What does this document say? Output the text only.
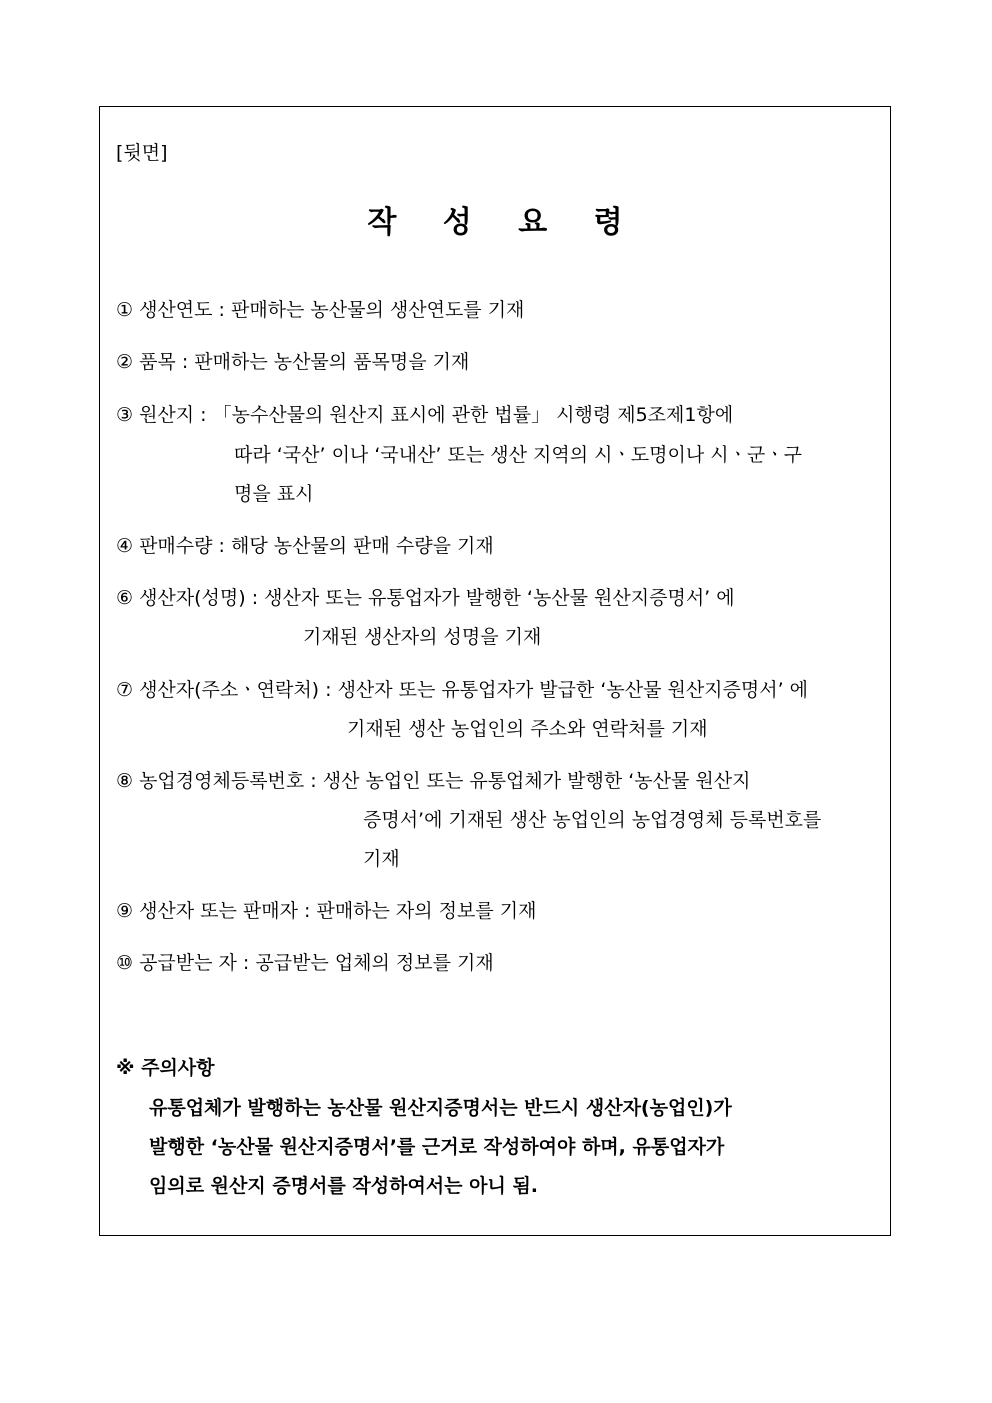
[뒷면]
작 성 요 령
① 생산연도 : 판매하는 농산물의 생산연도를 기재
② 품목 : 판매하는 농산물의 품목명을 기재
③ 원산지 : 「농수산물의 원산지 표시에 관한 법률」 시행령 제5조제1항에
따라 ‘국산’ 이나 ‘국내산’ 또는 생산 지역의 시ㆍ도명이나 시ㆍ군ㆍ구
명을 표시
④ 판매수량 : 해당 농산물의 판매 수량을 기재
⑥ 생산자(성명) : 생산자 또는 유통업자가 발행한 ‘농산물 원산지증명서’ 에
기재된 생산자의 성명을 기재
⑦ 생산자(주소ㆍ연락처) : 생산자 또는 유통업자가 발급한 ‘농산물 원산지증명서’ 에
기재된 생산 농업인의 주소와 연락처를 기재
⑧ 농업경영체등록번호 : 생산 농업인 또는 유통업체가 발행한 ‘농산물 원산지
증명서’에 기재된 생산 농업인의 농업경영체 등록번호를
기재
⑨ 생산자 또는 판매자 : 판매하는 자의 정보를 기재
⑩ 공급받는 자 : 공급받는 업체의 정보를 기재
※ 주의사항
유통업체가 발행하는 농산물 원산지증명서는 반드시 생산자(농업인)가
발행한 ‘농산물 원산지증명서’를 근거로 작성하여야 하며, 유통업자가
임의로 원산지 증명서를 작성하여서는 아니 됨.
